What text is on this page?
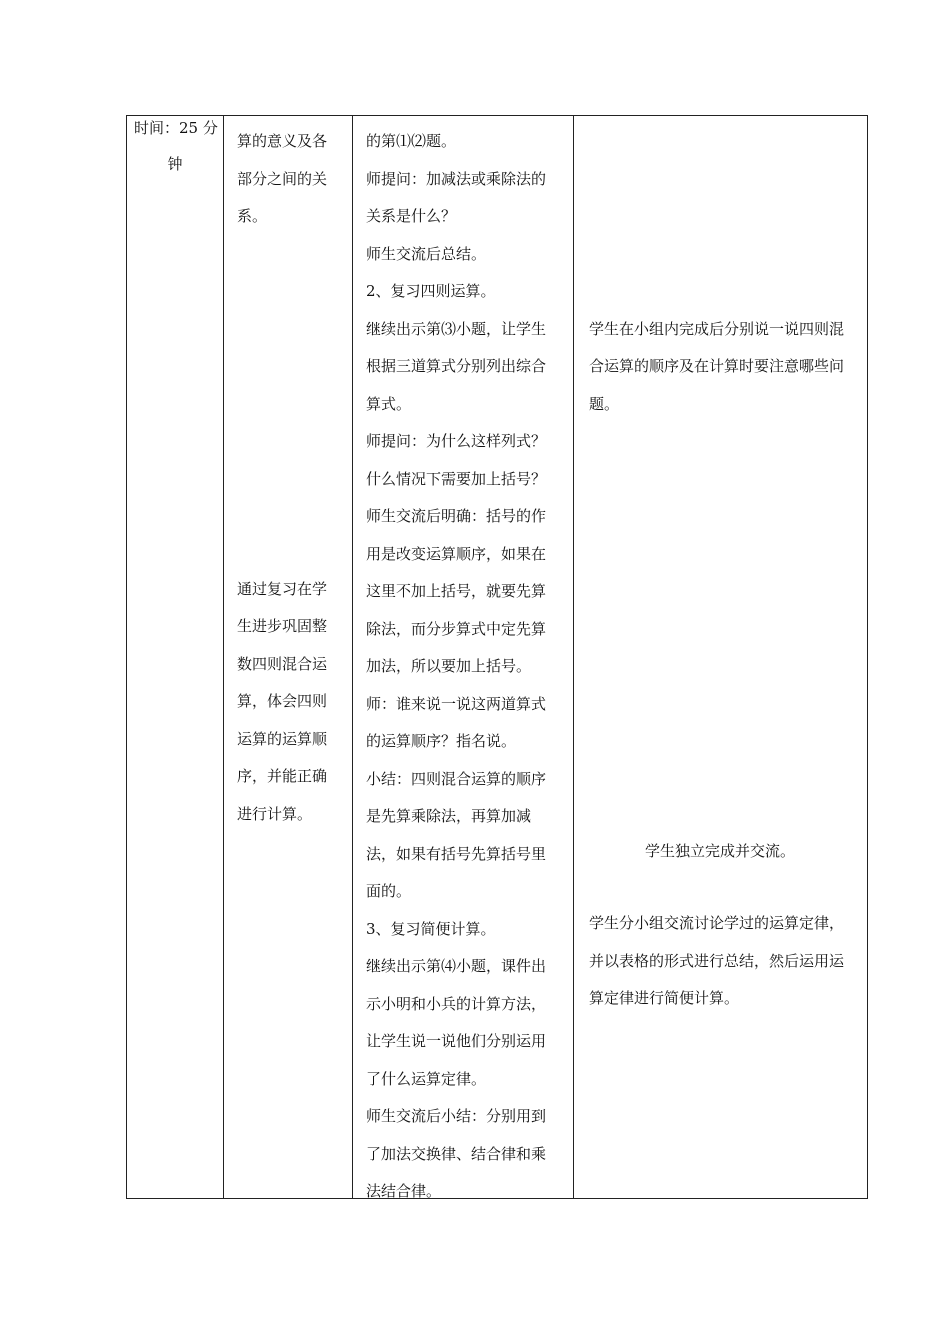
时间：25 分
钟
算的意义及各
部分之间的关
系。
通过复习在学
生进步巩固整
数四则混合运
算，体会四则
运算的运算顺
序，并能正确
进行计算。
的第⑴⑵题。
师提问：加减法或乘除法的
关系是什么？
师生交流后总结。
2、复习四则运算。
继续出示第⑶小题，让学生
根据三道算式分别列出综合
算式。
师提问：为什么这样列式？
什么情况下需要加上括号？
师生交流后明确：括号的作
用是改变运算顺序，如果在
这里不加上括号，就要先算
除法，而分步算式中定先算
加法，所以要加上括号。
师：谁来说一说这两道算式
的运算顺序？指名说。
小结：四则混合运算的顺序
是先算乘除法，再算加减
法，如果有括号先算括号里
面的。
3、复习简便计算。
继续出示第⑷小题，课件出
示小明和小兵的计算方法，
让学生说一说他们分别运用
了什么运算定律。
师生交流后小结：分别用到
了加法交换律、结合律和乘
法结合律。
学生在小组内完成后分别说一说四则混
合运算的顺序及在计算时要注意哪些问
题。
学生独立完成并交流。
学生分小组交流讨论学过的运算定律，
并以表格的形式进行总结，然后运用运
算定律进行简便计算。
